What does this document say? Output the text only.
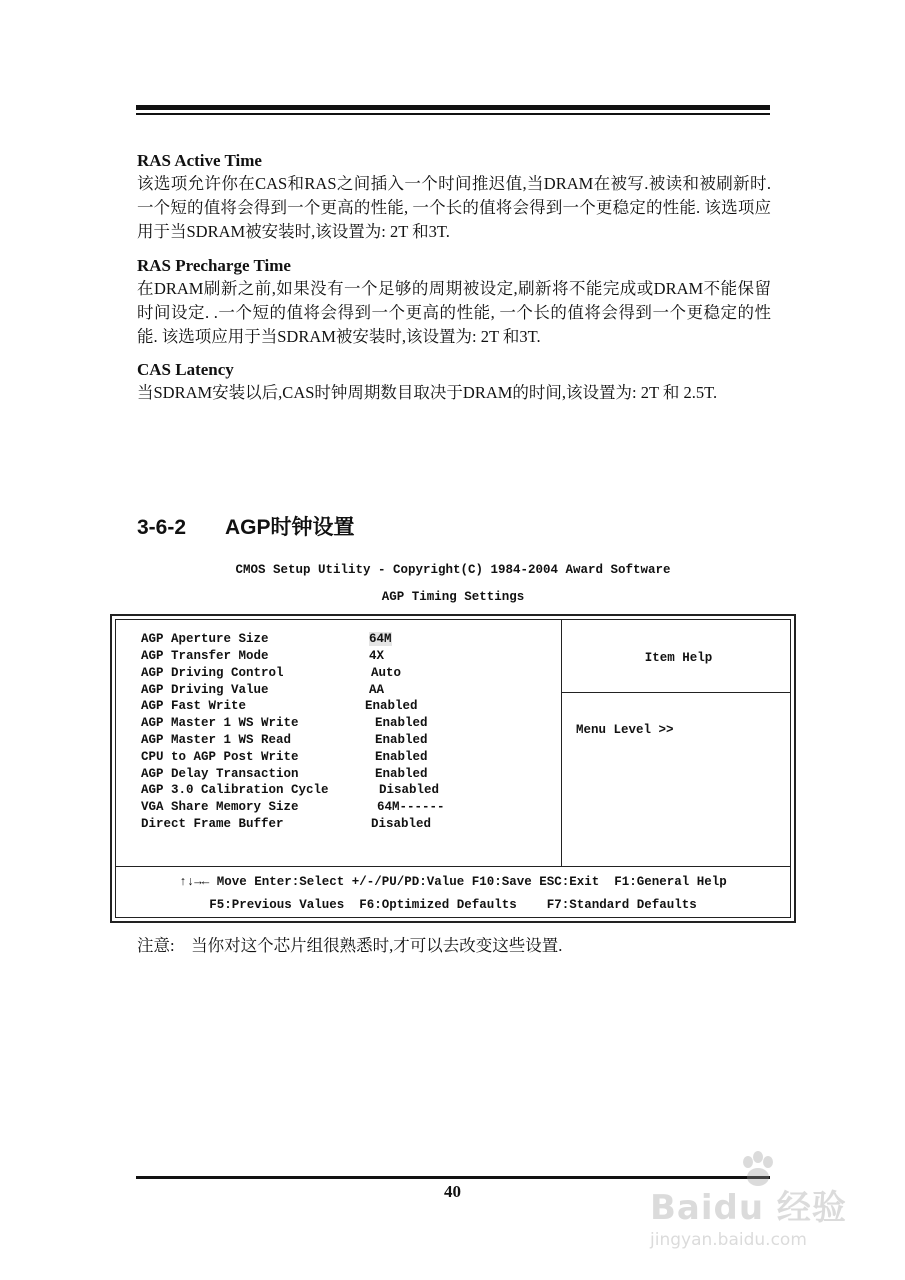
RAS Active Time

该选项允许你在CAS和RAS之间插入一个时间推迟值,当DRAM在被写.被读和被刷新时.一个短的值将会得到一个更高的性能, 一个长的值将会得到一个更稳定的性能. 该选项应用于当SDRAM被安装时,该设置为: 2T 和3T.

RAS Precharge Time

在DRAM刷新之前,如果没有一个足够的周期被设定,刷新将不能完成或DRAM不能保留时间设定. .一个短的值将会得到一个更高的性能, 一个长的值将会得到一个更稳定的性能. 该选项应用于当SDRAM被安装时,该设置为: 2T 和3T.

CAS Latency

当SDRAM安装以后,CAS时钟周期数目取决于DRAM的时间,该设置为: 2T 和 2.5T.

3-6-2 AGP时钟设置
CMOS Setup Utility - Copyright(C) 1984-2004 Award Software
AGP Timing Settings

AGP Aperture Size

	64M

AGP Transfer Mode

	4X

AGP Driving Control

	Auto

AGP Driving Value

	AA

AGP Fast Write

	Enabled

AGP Master 1 WS Write

	Enabled

AGP Master 1 WS Read

	Enabled

CPU to AGP Post Write

	Enabled

AGP Delay Transaction

	Enabled

AGP 3.0 Calibration Cycle

	Disabled

VGA Share Memory Size

	64M------

Direct Frame Buffer

	Disabled

Item Help
Menu Level >>
↑↓→← Move Enter:Select +/-/PU/PD:Value F10:Save ESC:Exit  F1:General Help
F5:Previous Values  F6:Optimized Defaults    F7:Standard Defaults
注意:    当你对这个芯片组很熟悉时,才可以去改变这些设置.
40	Baidu 经验
jingyan.baidu.com
